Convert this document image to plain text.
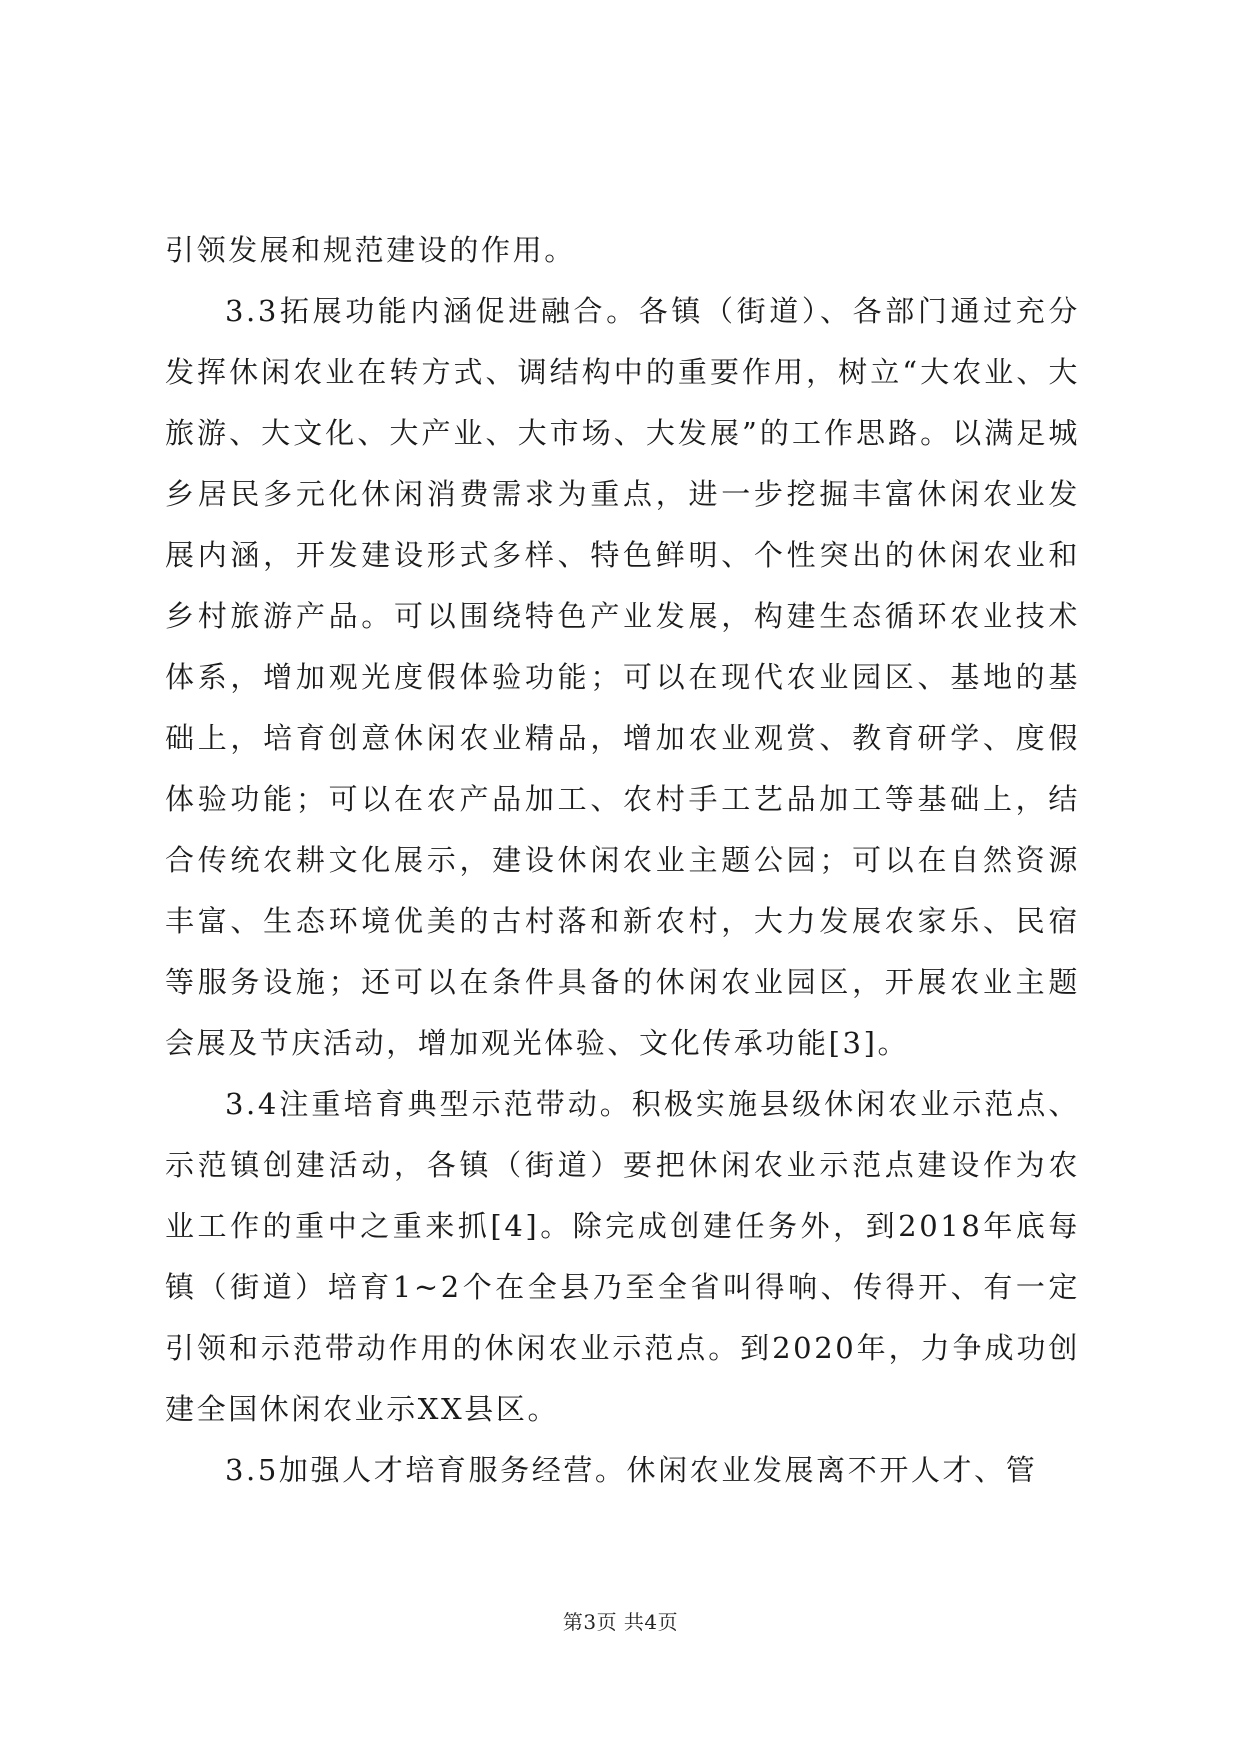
引领发展和规范建设的作用。

3.3拓展功能内涵促进融合。各镇（街道）、各部门通过充分发挥休闲农业在转方式、调结构中的重要作用，树立“大农业、大旅游、大文化、大产业、大市场、大发展”的工作思路。以满足城乡居民多元化休闲消费需求为重点，进一步挖掘丰富休闲农业发展内涵，开发建设形式多样、特色鲜明、个性突出的休闲农业和乡村旅游产品。可以围绕特色产业发展，构建生态循环农业技术体系，增加观光度假体验功能；可以在现代农业园区、基地的基础上，培育创意休闲农业精品，增加农业观赏、教育研学、度假体验功能；可以在农产品加工、农村手工艺品加工等基础上，结合传统农耕文化展示，建设休闲农业主题公园；可以在自然资源丰富、生态环境优美的古村落和新农村，大力发展农家乐、民宿等服务设施；还可以在条件具备的休闲农业园区，开展农业主题会展及节庆活动，增加观光体验、文化传承功能[3]。

3.4注重培育典型示范带动。积极实施县级休闲农业示范点、示范镇创建活动，各镇（街道）要把休闲农业示范点建设作为农业工作的重中之重来抓[4]。除完成创建任务外，到2018年底每镇（街道）培育1~2个在全县乃至全省叫得响、传得开、有一定引领和示范带动作用的休闲农业示范点。到2020年，力争成功创建全国休闲农业示XX县区。

3.5加强人才培育服务经营。休闲农业发展离不开人才、管

第3页 共4页
